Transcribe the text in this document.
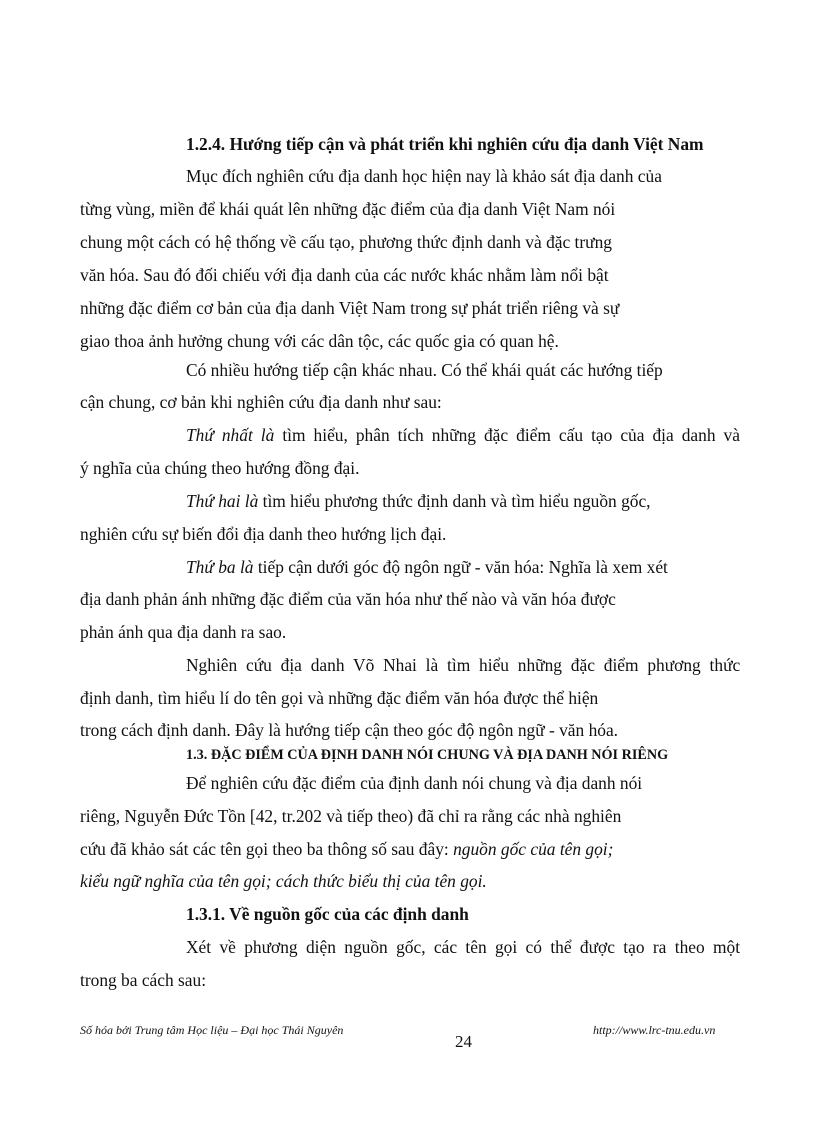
1.2.4. Hướng tiếp cận và phát triển khi nghiên cứu địa danh Việt Nam
Mục đích nghiên cứu địa danh học hiện nay là khảo sát địa danh của
từng vùng, miền để khái quát lên những đặc điểm của địa danh Việt Nam nói
chung một cách có hệ thống về cấu tạo, phương thức định danh và đặc trưng
văn hóa. Sau đó đối chiếu với địa danh của các nước khác nhằm làm nổi bật
những đặc điểm cơ bản của địa danh Việt Nam trong sự phát triển riêng và sự
giao thoa ảnh hưởng chung với các dân tộc, các quốc gia có quan hệ.
Có nhiều hướng tiếp cận khác nhau. Có thể khái quát các hướng tiếp
cận chung, cơ bản khi nghiên cứu địa danh như sau:
Thứ nhất là tìm hiểu, phân tích những đặc điểm cấu tạo của địa danh và
ý nghĩa của chúng theo hướng đồng đại.
Thứ hai là tìm hiểu phương thức định danh và tìm hiểu nguồn gốc,
nghiên cứu sự biến đổi địa danh theo hướng lịch đại.
Thứ ba là tiếp cận dưới góc độ ngôn ngữ - văn hóa: Nghĩa là xem xét
địa danh phản ánh những đặc điểm của văn hóa như thế nào và văn hóa được
phản ánh qua địa danh ra sao.
Nghiên cứu địa danh Võ Nhai là tìm hiểu những đặc điểm phương thức
định danh, tìm hiểu lí do tên gọi và những đặc điểm văn hóa được thể hiện
trong cách định danh. Đây là hướng tiếp cận theo góc độ ngôn ngữ - văn hóa.
1.3. ĐẶC ĐIỂM CỦA ĐỊNH DANH NÓI CHUNG VÀ ĐỊA DANH NÓI RIÊNG
Để nghiên cứu đặc điểm của định danh nói chung và địa danh nói
riêng, Nguyễn Đức Tồn [42, tr.202 và tiếp theo) đã chỉ ra rằng các nhà nghiên
cứu đã khảo sát các tên gọi theo ba thông số sau đây: nguồn gốc của tên gọi;
kiểu ngữ nghĩa của tên gọi; cách thức biểu thị của tên gọi.
1.3.1. Về nguồn gốc của các định danh
Xét về phương diện nguồn gốc, các tên gọi có thể được tạo ra theo một
trong ba cách sau:
Số hóa bởi Trung tâm Học liệu – Đại học Thái Nguyên
24
http://www.lrc-tnu.edu.vn
